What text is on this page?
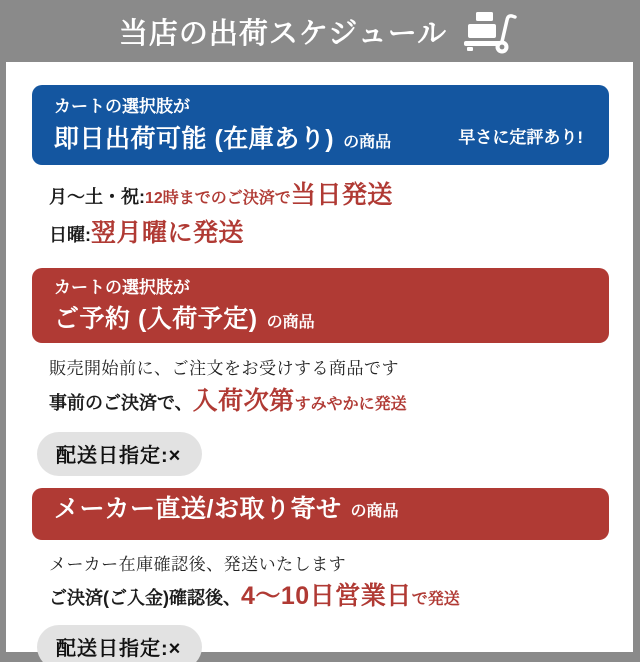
当店の出荷スケジュール
カートの選択肢が
即日出荷可能 (在庫あり) の商品	早さに定評あり!

月〜土・祝:12時までのご決済で当日発送

日曜:翌月曜に発送

カートの選択肢が
ご予約 (入荷予定) の商品

販売開始前に、ご注文をお受けする商品です

事前のご決済で、入荷次第すみやかに発送

配送日指定:×
メーカー直送/お取り寄せ の商品

メーカー在庫確認後、発送いたします

ご決済(ご入金)確認後、4〜10日営業日で発送

配送日指定:×
